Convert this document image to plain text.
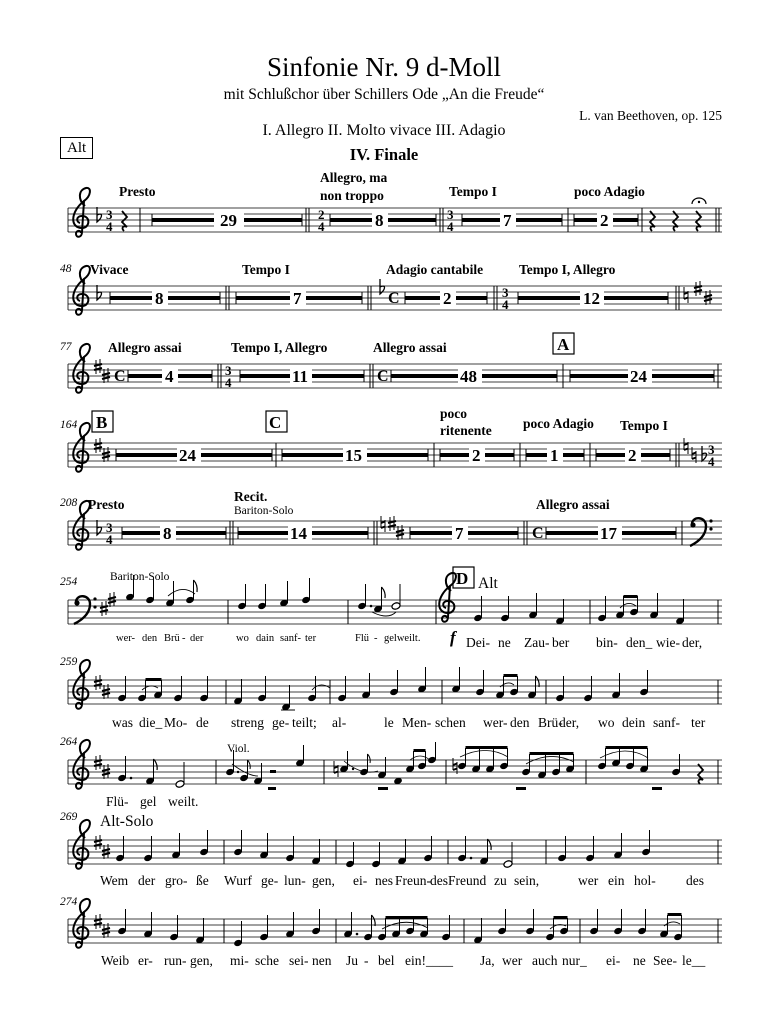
Sinfonie Nr. 9 d-Moll
mit Schlußchor über Schillers Ode „An die Freude“
L. van Beethoven, op. 125
I. Allegro II. Molto vivace III. Adagio
IV. Finale
Alt
3
4	29	2
4	8	3
4	7	2
Presto
Allegro, ma
non troppo	Tempo I	poco Adagio
48
8	7	C	2	3
4	12
Vivace	Tempo I	Adagio cantabile	Tempo I, Allegro
77
C 4	3
4	11	C	48	24
A
Allegro assai	Tempo I, Allegro	Allegro assai
164
24	15	2	1	2	3
4
B	C	poco
ritenente poco Adagio Tempo I
208
3
4	8	14	7	C	17
Presto
Recit.
Bariton-Solo	Allegro assai
254	Bariton-Solo	D Alt
f
wer- den Brü - der	wo dain sanf- ter	Flü - gelweilt.	Dei- ne Zau- ber bin- den_ wie- der,
259
was die_ Mo- de streng ge- teilt; al-	le Men- schen wer- den Brü-
der, wo dein sanf- ter
264
Viol.
Flü- gel weilt.
269 Alt-Solo
Wem der gro- ße Wurf ge- lun- gen, ei- nes Freun- des Freund zu sein,	wer ein hol- des
274
Weib er- run- gen, mi- sche sei- nen Ju - bel ein!____ Ja, wer auch nur_ ei- ne See- le__
